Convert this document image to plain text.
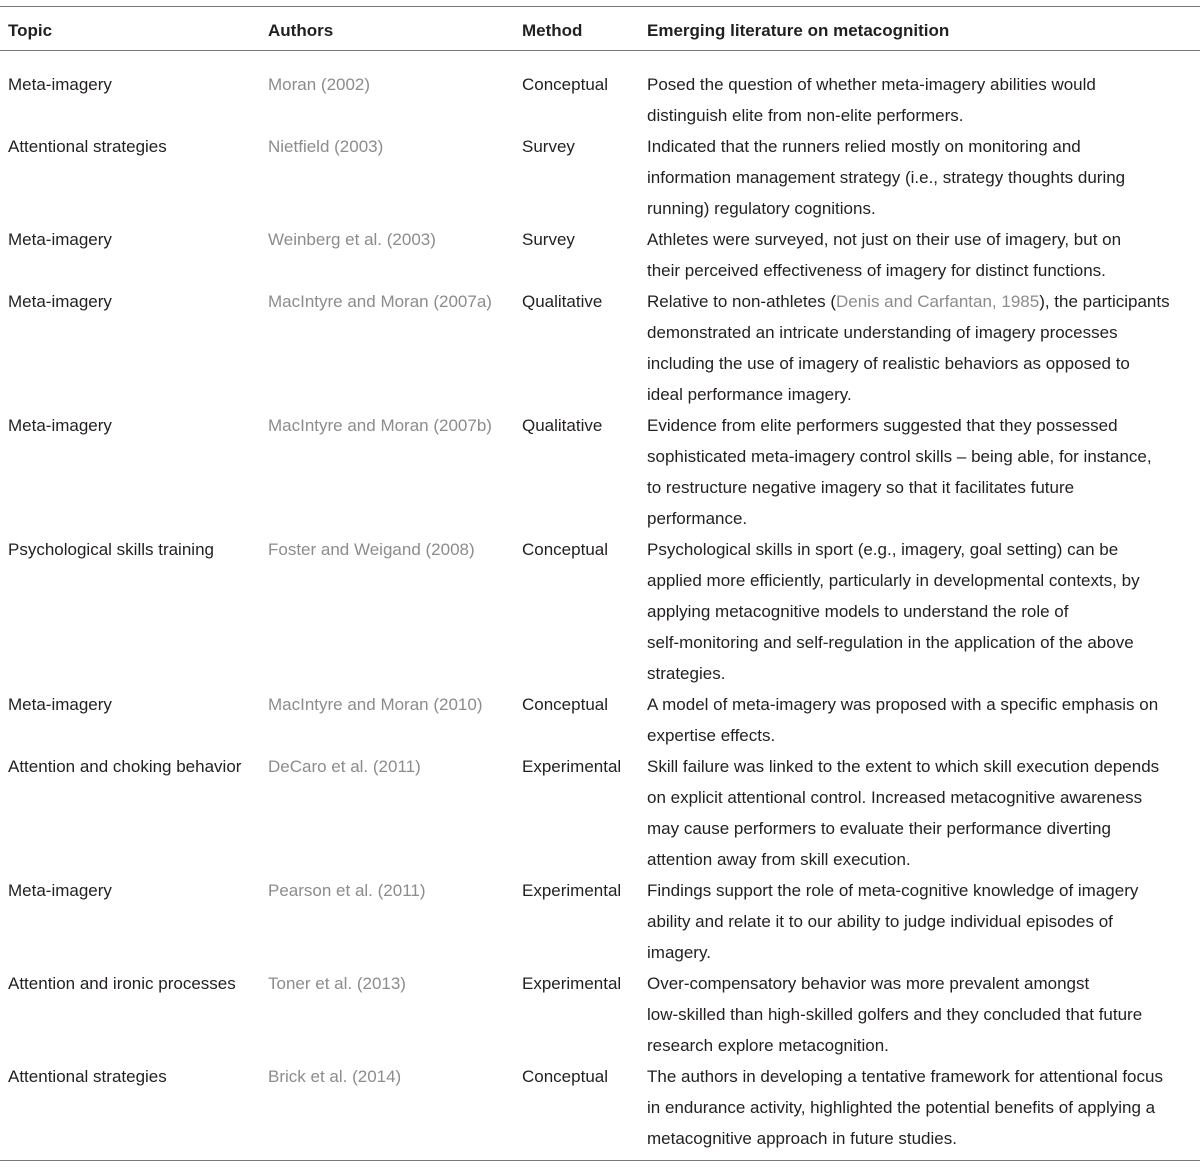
Topic	Authors	Method	Emerging literature on metacognition
Meta-imagery	Moran (2002)	Conceptual	Posed the question of whether meta-imagery abilities would
distinguish elite from non-elite performers.
Attentional strategies	Nietfield (2003)	Survey	Indicated that the runners relied mostly on monitoring and
information management strategy (i.e., strategy thoughts during
running) regulatory cognitions.
Meta-imagery	Weinberg et al. (2003)	Survey	Athletes were surveyed, not just on their use of imagery, but on
their perceived effectiveness of imagery for distinct functions.
Meta-imagery	MacIntyre and Moran (2007a)	Qualitative	Relative to non-athletes (Denis and Carfantan, 1985), the participants
demonstrated an intricate understanding of imagery processes
including the use of imagery of realistic behaviors as opposed to
ideal performance imagery.
Meta-imagery	MacIntyre and Moran (2007b)	Qualitative	Evidence from elite performers suggested that they possessed
sophisticated meta-imagery control skills – being able, for instance,
to restructure negative imagery so that it facilitates future
performance.
Psychological skills training	Foster and Weigand (2008)	Conceptual	Psychological skills in sport (e.g., imagery, goal setting) can be
applied more efficiently, particularly in developmental contexts, by
applying metacognitive models to understand the role of
self-monitoring and self-regulation in the application of the above
strategies.
Meta-imagery	MacIntyre and Moran (2010)	Conceptual	A model of meta-imagery was proposed with a specific emphasis on
expertise effects.
Attention and choking behavior	DeCaro et al. (2011)	Experimental	Skill failure was linked to the extent to which skill execution depends
on explicit attentional control. Increased metacognitive awareness
may cause performers to evaluate their performance diverting
attention away from skill execution.
Meta-imagery	Pearson et al. (2011)	Experimental	Findings support the role of meta-cognitive knowledge of imagery
ability and relate it to our ability to judge individual episodes of
imagery.
Attention and ironic processes	Toner et al. (2013)	Experimental	Over-compensatory behavior was more prevalent amongst
low-skilled than high-skilled golfers and they concluded that future
research explore metacognition.
Attentional strategies	Brick et al. (2014)	Conceptual	The authors in developing a tentative framework for attentional focus
in endurance activity, highlighted the potential benefits of applying a
metacognitive approach in future studies.
